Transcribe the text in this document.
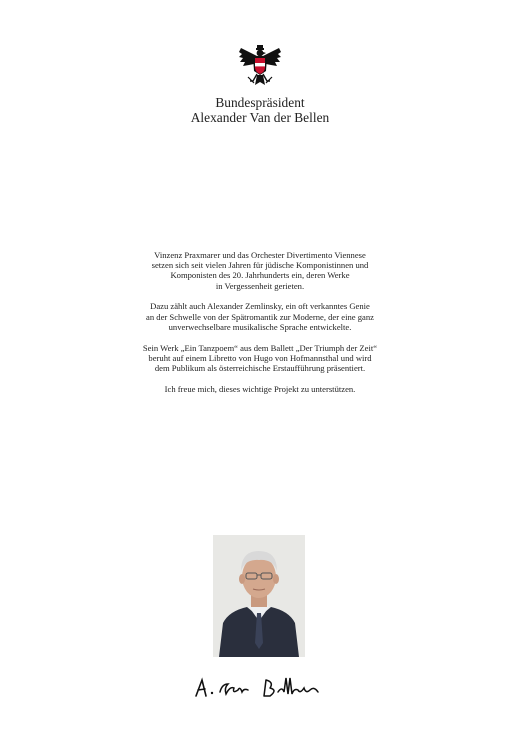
Bundespräsident
Alexander Van der Bellen

Vinzenz Praxmarer und das Orchester Divertimento Viennese
setzen sich seit vielen Jahren für jüdische Komponistinnen und
Komponisten des 20. Jahrhunderts ein, deren Werke
in Vergessenheit gerieten.

Dazu zählt auch Alexander Zemlinsky, ein oft verkanntes Genie
an der Schwelle von der Spätromantik zur Moderne, der eine ganz
unverwechselbare musikalische Sprache entwickelte.

Sein Werk „Ein Tanzpoem“ aus dem Ballett „Der Triumph der Zeit“
beruht auf einem Libretto von Hugo von Hofmannsthal und wird
dem Publikum als österreichische Erstaufführung präsentiert.

Ich freue mich, dieses wichtige Projekt zu unterstützen.
